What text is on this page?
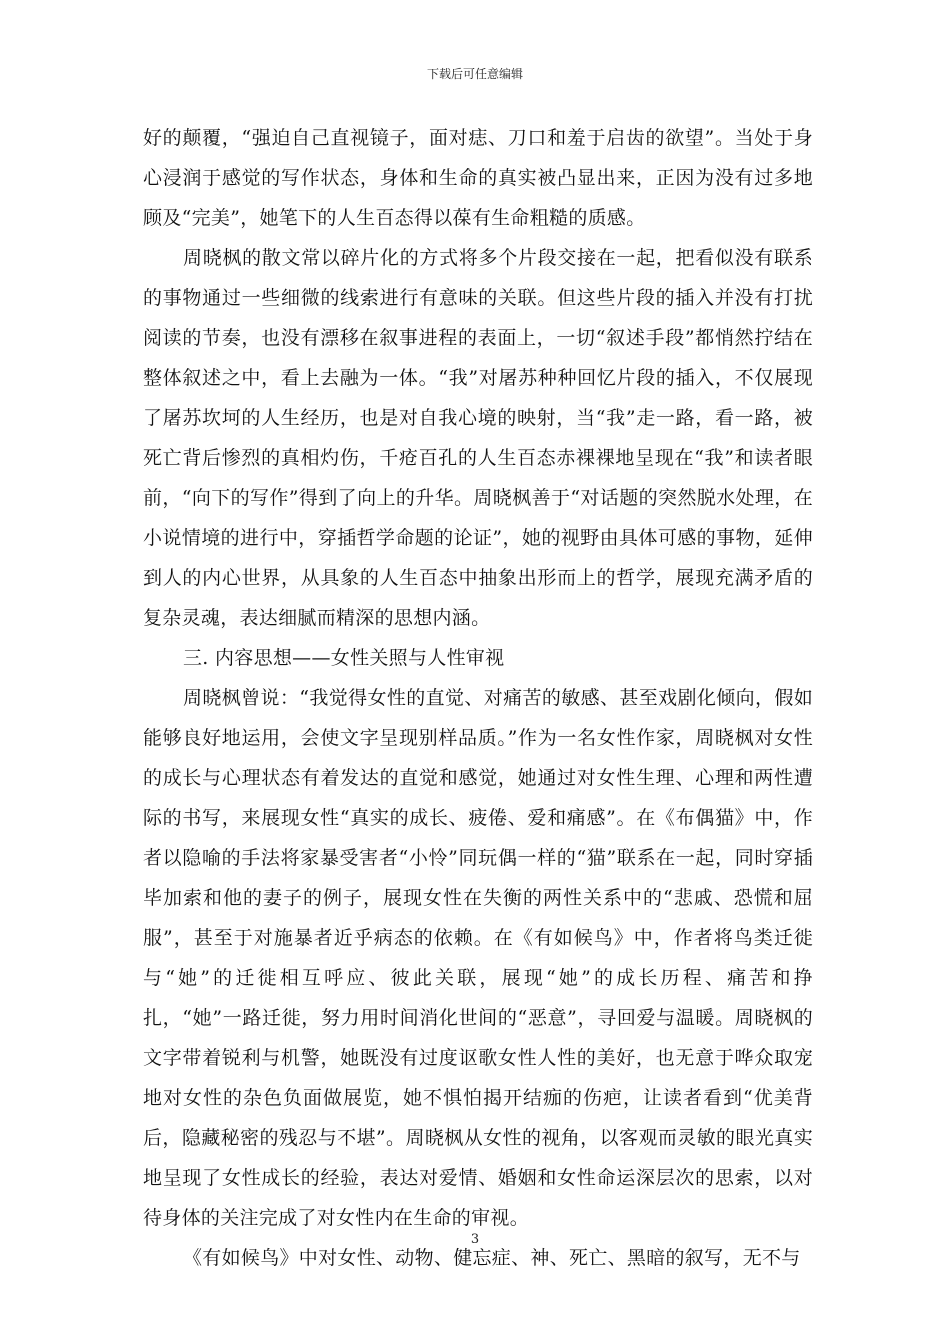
下载后可任意编辑

好的颠覆，“强迫自己直视镜子，面对痣、刀口和羞于启齿的欲望”。当处于身心浸润于感觉的写作状态，身体和生命的真实被凸显出来，正因为没有过多地顾及“完美”，她笔下的人生百态得以葆有生命粗糙的质感。

周晓枫的散文常以碎片化的方式将多个片段交接在一起，把看似没有联系的事物通过一些细微的线索进行有意味的关联。但这些片段的插入并没有打扰阅读的节奏，也没有漂移在叙事进程的表面上，一切“叙述手段”都悄然拧结在整体叙述之中，看上去融为一体。“我”对屠苏种种回忆片段的插入，不仅展现了屠苏坎坷的人生经历，也是对自我心境的映射，当“我”走一路，看一路，被死亡背后惨烈的真相灼伤，千疮百孔的人生百态赤裸裸地呈现在“我”和读者眼前，“向下的写作”得到了向上的升华。周晓枫善于“对话题的突然脱水处理，在小说情境的进行中，穿插哲学命题的论证”，她的视野由具体可感的事物，延伸到人的内心世界，从具象的人生百态中抽象出形而上的哲学，展现充满矛盾的复杂灵魂，表达细腻而精深的思想内涵。

三. 内容思想——女性关照与人性审视

周晓枫曾说：“我觉得女性的直觉、对痛苦的敏感、甚至戏剧化倾向，假如能够良好地运用，会使文字呈现别样品质。”作为一名女性作家，周晓枫对女性的成长与心理状态有着发达的直觉和感觉，她通过对女性生理、心理和两性遭际的书写，来展现女性“真实的成长、疲倦、爱和痛感”。在《布偶猫》中，作者以隐喻的手法将家暴受害者“小怜”同玩偶一样的“猫”联系在一起，同时穿插毕加索和他的妻子的例子，展现女性在失衡的两性关系中的“悲戚、恐慌和屈服”，甚至于对施暴者近乎病态的依赖。在《有如候鸟》中，作者将鸟类迁徙与“她”的迁徙相互呼应、彼此关联，展现“她”的成长历程、痛苦和挣扎，“她”一路迁徙，努力用时间消化世间的“恶意”，寻回爱与温暖。周晓枫的文字带着锐利与机警，她既没有过度讴歌女性人性的美好，也无意于哗众取宠地对女性的杂色负面做展览，她不惧怕揭开结痂的伤疤，让读者看到“优美背后，隐藏秘密的残忍与不堪”。周晓枫从女性的视角，以客观而灵敏的眼光真实地呈现了女性成长的经验，表达对爱情、婚姻和女性命运深层次的思索，以对待身体的关注完成了对女性内在生命的审视。

《有如候鸟》中对女性、动物、健忘症、神、死亡、黑暗的叙写，无不与

3
